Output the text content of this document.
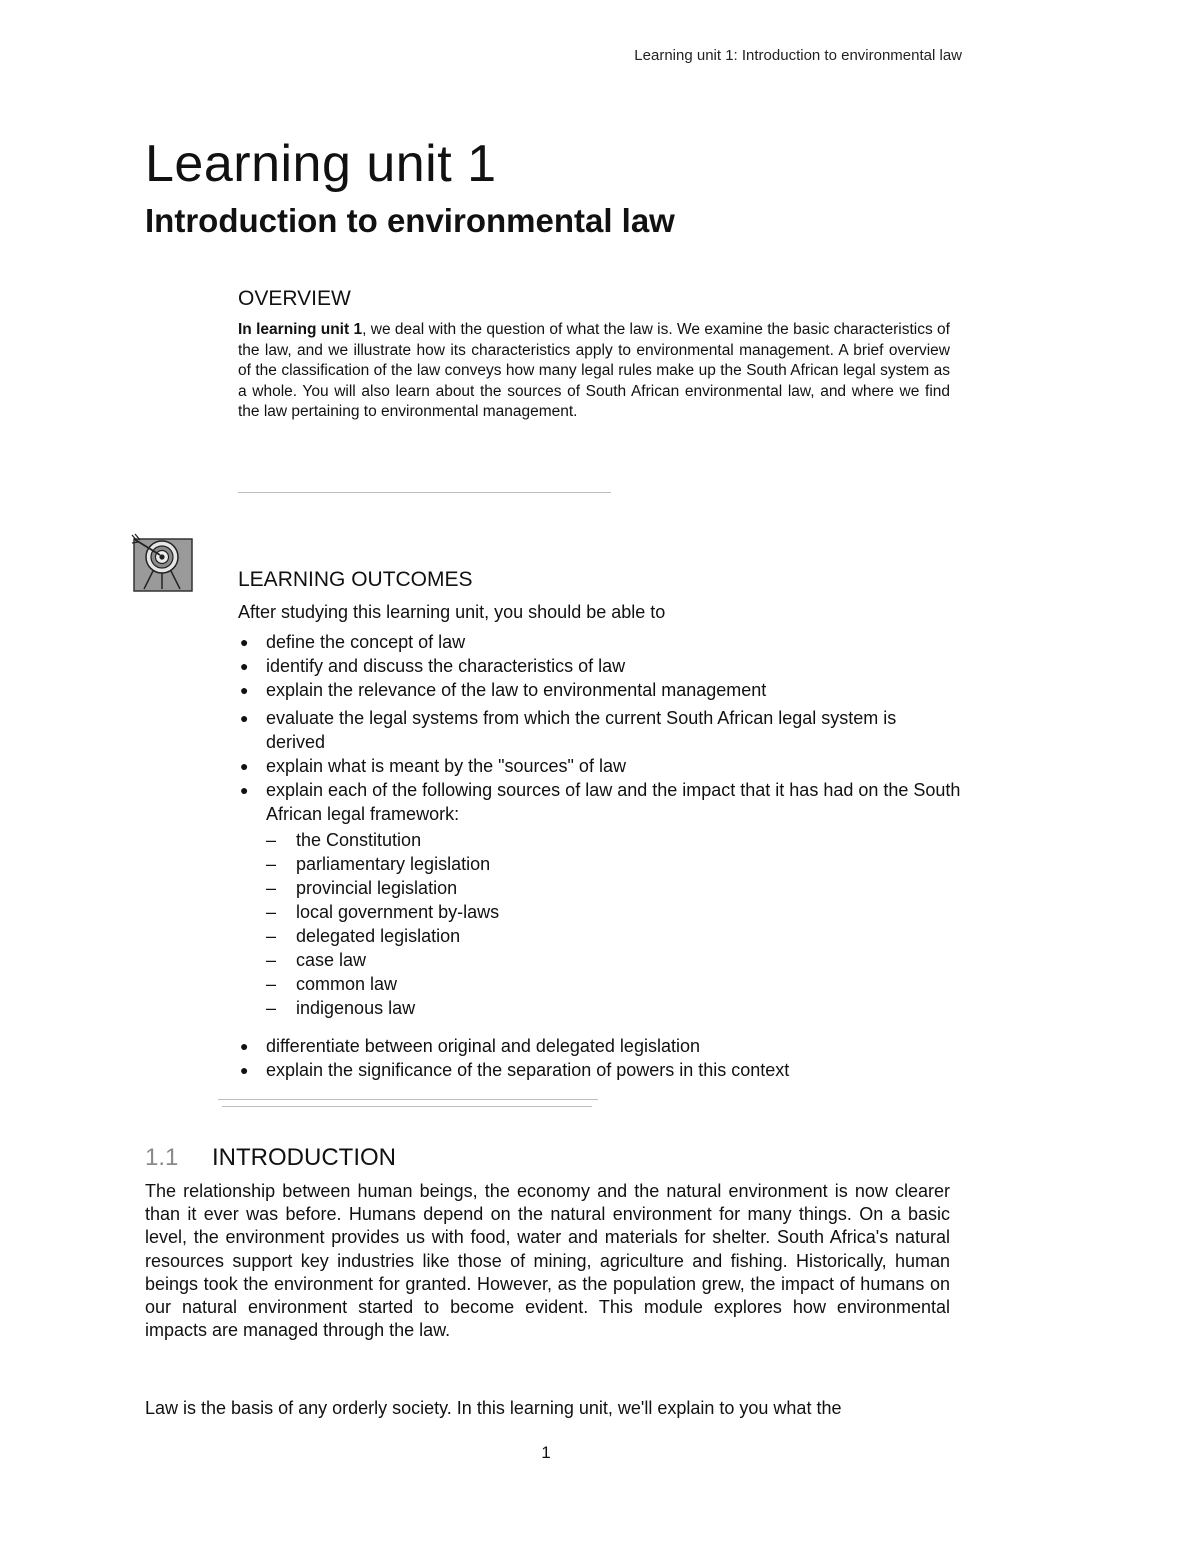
Learning unit 1: Introduction to environmental law
Learning unit 1
Introduction to environmental law
OVERVIEW

In learning unit 1, we deal with the question of what the law is. We examine the basic characteristics of the law, and we illustrate how its characteristics apply to environmental management. A brief overview of the classification of the law conveys how many legal rules make up the South African legal system as a whole. You will also learn about the sources of South African environmental law, and where we find the law pertaining to environmental management.

LEARNING OUTCOMES

After studying this learning unit, you should be able to

● define the concept of law
● identify and discuss the characteristics of law
● explain the relevance of the law to environmental management
● evaluate the legal systems from which the current South African legal system is derived
● explain what is meant by the "sources" of law
● explain each of the following sources of law and the impact that it has had on the South African legal framework:
– the Constitution
– parliamentary legislation
– provincial legislation
– local government by-laws
– delegated legislation
– case law
– common law
– indigenous law
● differentiate between original and delegated legislation
● explain the significance of the separation of powers in this context
1.1 INTRODUCTION

The relationship between human beings, the economy and the natural environment is now clearer than it ever was before. Humans depend on the natural environment for many things. On a basic level, the environment provides us with food, water and materials for shelter. South Africa's natural resources support key industries like those of mining, agriculture and fishing. Historically, human beings took the environment for granted. However, as the population grew, the impact of humans on our natural environment started to become evident. This module explores how environmental impacts are managed through the law.

Law is the basis of any orderly society. In this learning unit, we'll explain to you what the

1
